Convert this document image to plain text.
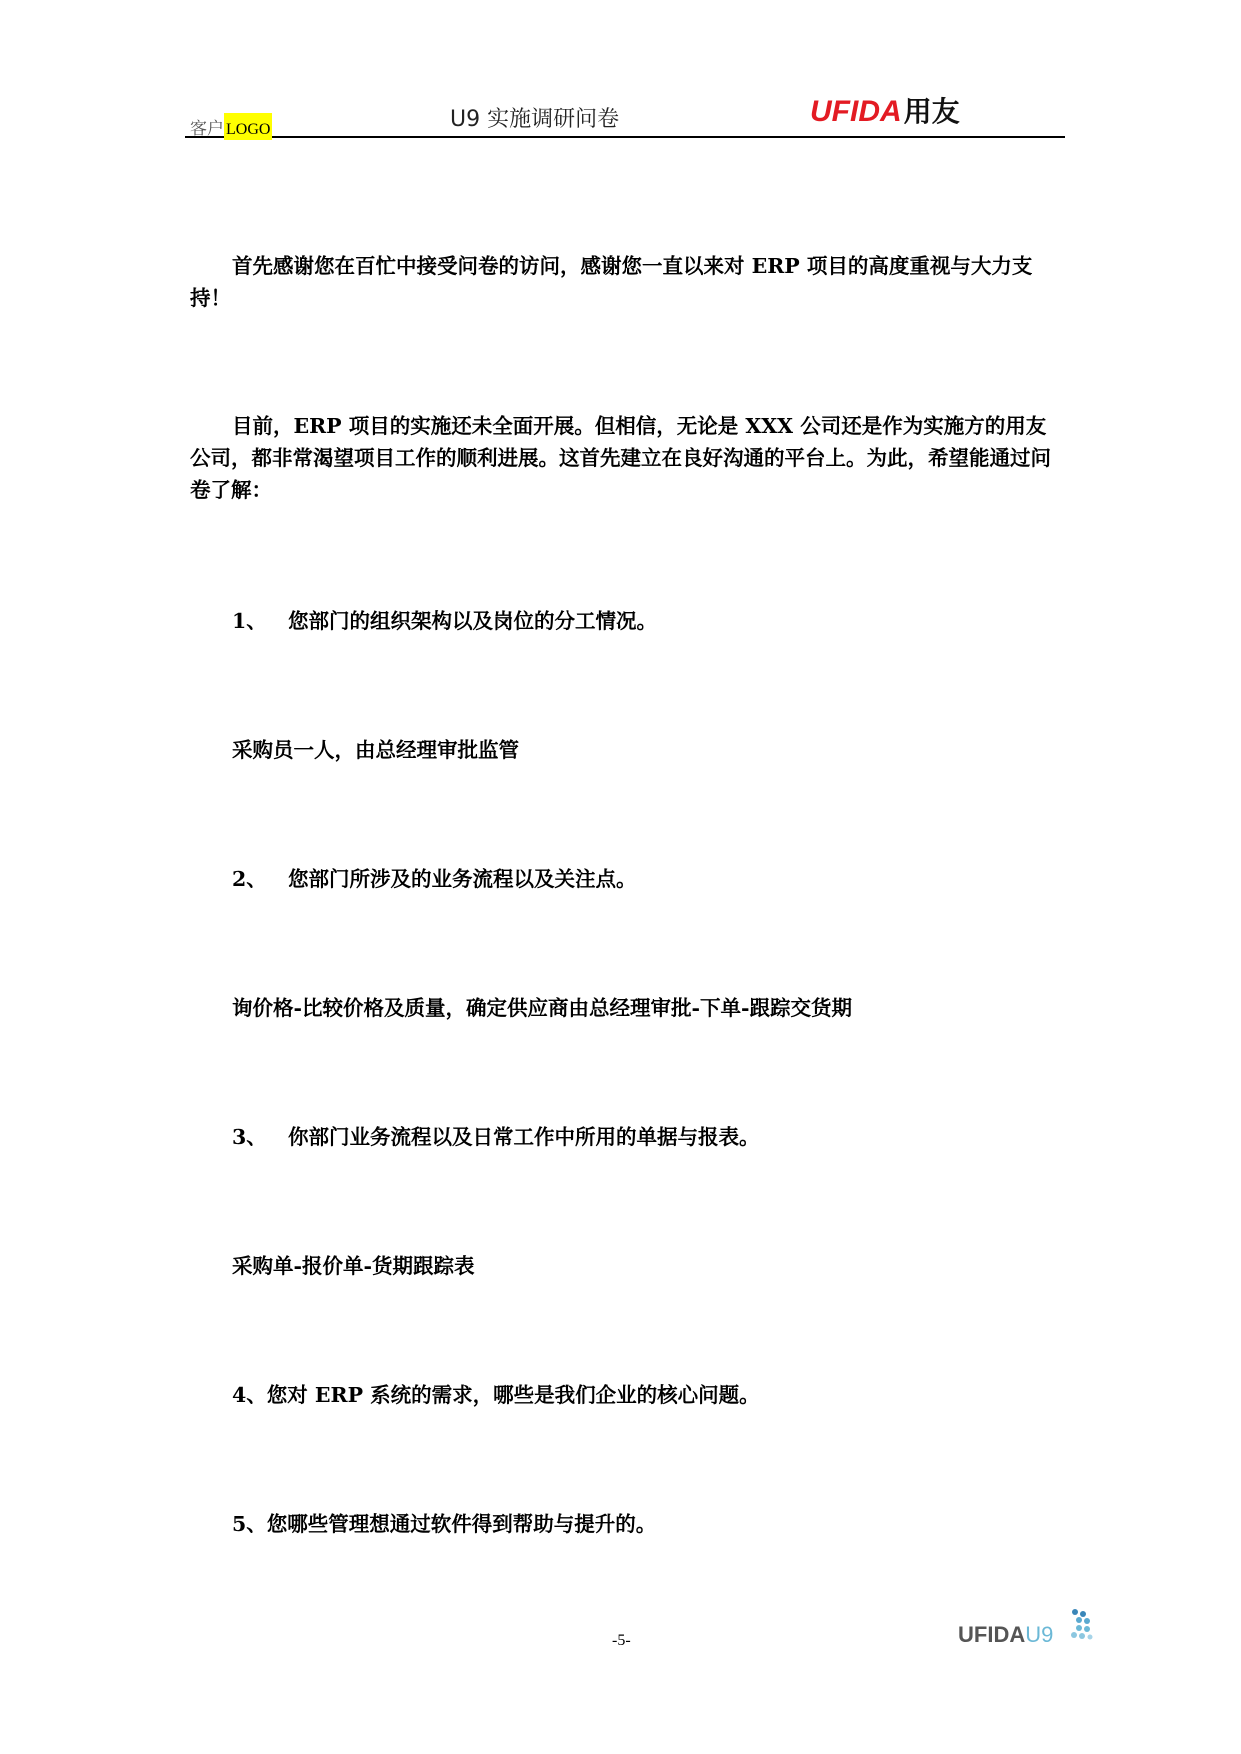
客户 LOGO	U9 实施调研问卷	UFIDA用友
首先感谢您在百忙中接受问卷的访问，感谢您一直以来对 ERP 项目的高度重视与大力支持！
目前，ERP 项目的实施还未全面开展。但相信，无论是 XXX 公司还是作为实施方的用友公司，都非常渴望项目工作的顺利进展。这首先建立在良好沟通的平台上。为此，希望能通过问卷了解：
1、 您部门的组织架构以及岗位的分工情况。
采购员一人，由总经理审批监管
2、 您部门所涉及的业务流程以及关注点。
询价格-比较价格及质量，确定供应商由总经理审批-下单-跟踪交货期
3、 你部门业务流程以及日常工作中所用的单据与报表。
采购单-报价单-货期跟踪表
4、您对 ERP 系统的需求，哪些是我们企业的核心问题。
5、您哪些管理想通过软件得到帮助与提升的。
-5-	UFIDAU9
